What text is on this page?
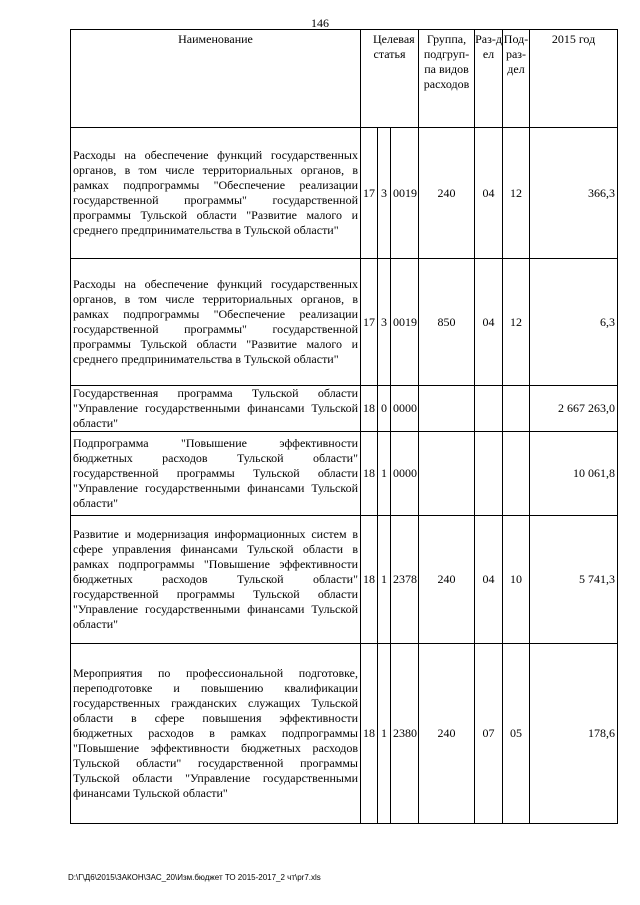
146
Наименование	Целевая статья			Группа, подгруп-па видов расходов	Раз-дел	Под-раз-дел	2015 год
Расходы на обеспечение функций государственных органов, в том числе территориальных органов, в рамках подпрограммы "Обеспечение реализации государственной программы" государственной программы Тульской области "Развитие малого и среднего предпринимательства в Тульской области"	17	3	0019	240	04	12	366,3
Расходы на обеспечение функций государственных органов, в том числе территориальных органов, в рамках подпрограммы "Обеспечение реализации государственной программы" государственной программы Тульской области "Развитие малого и среднего предпринимательства в Тульской области"	17	3	0019	850	04	12	6,3
Государственная программа Тульской области "Управление государственными финансами Тульской области"	18	0	0000				2 667 263,0
Подпрограмма "Повышение эффективности бюджетных расходов Тульской области" государственной программы Тульской области "Управление государственными финансами Тульской области"	18	1	0000				10 061,8
Развитие и модернизация информационных систем в сфере управления финансами Тульской области в рамках подпрограммы "Повышение эффективности бюджетных расходов Тульской области" государственной программы Тульской области "Управление государственными финансами Тульской области"	18	1	2378	240	04	10	5 741,3
Мероприятия по профессиональной подготовке, переподготовке и повышению квалификации государственных гражданских служащих Тульской области в сфере повышения эффективности бюджетных расходов в рамках подпрограммы "Повышение эффективности бюджетных расходов Тульской области" государственной программы Тульской области "Управление государственными финансами Тульской области"	18	1	2380	240	07	05	178,6
D:\Г\Д6\2015\ЗАКОН\ЗАС_20\Изм.бюджет ТО 2015-2017_2 чт\pr7.xls
